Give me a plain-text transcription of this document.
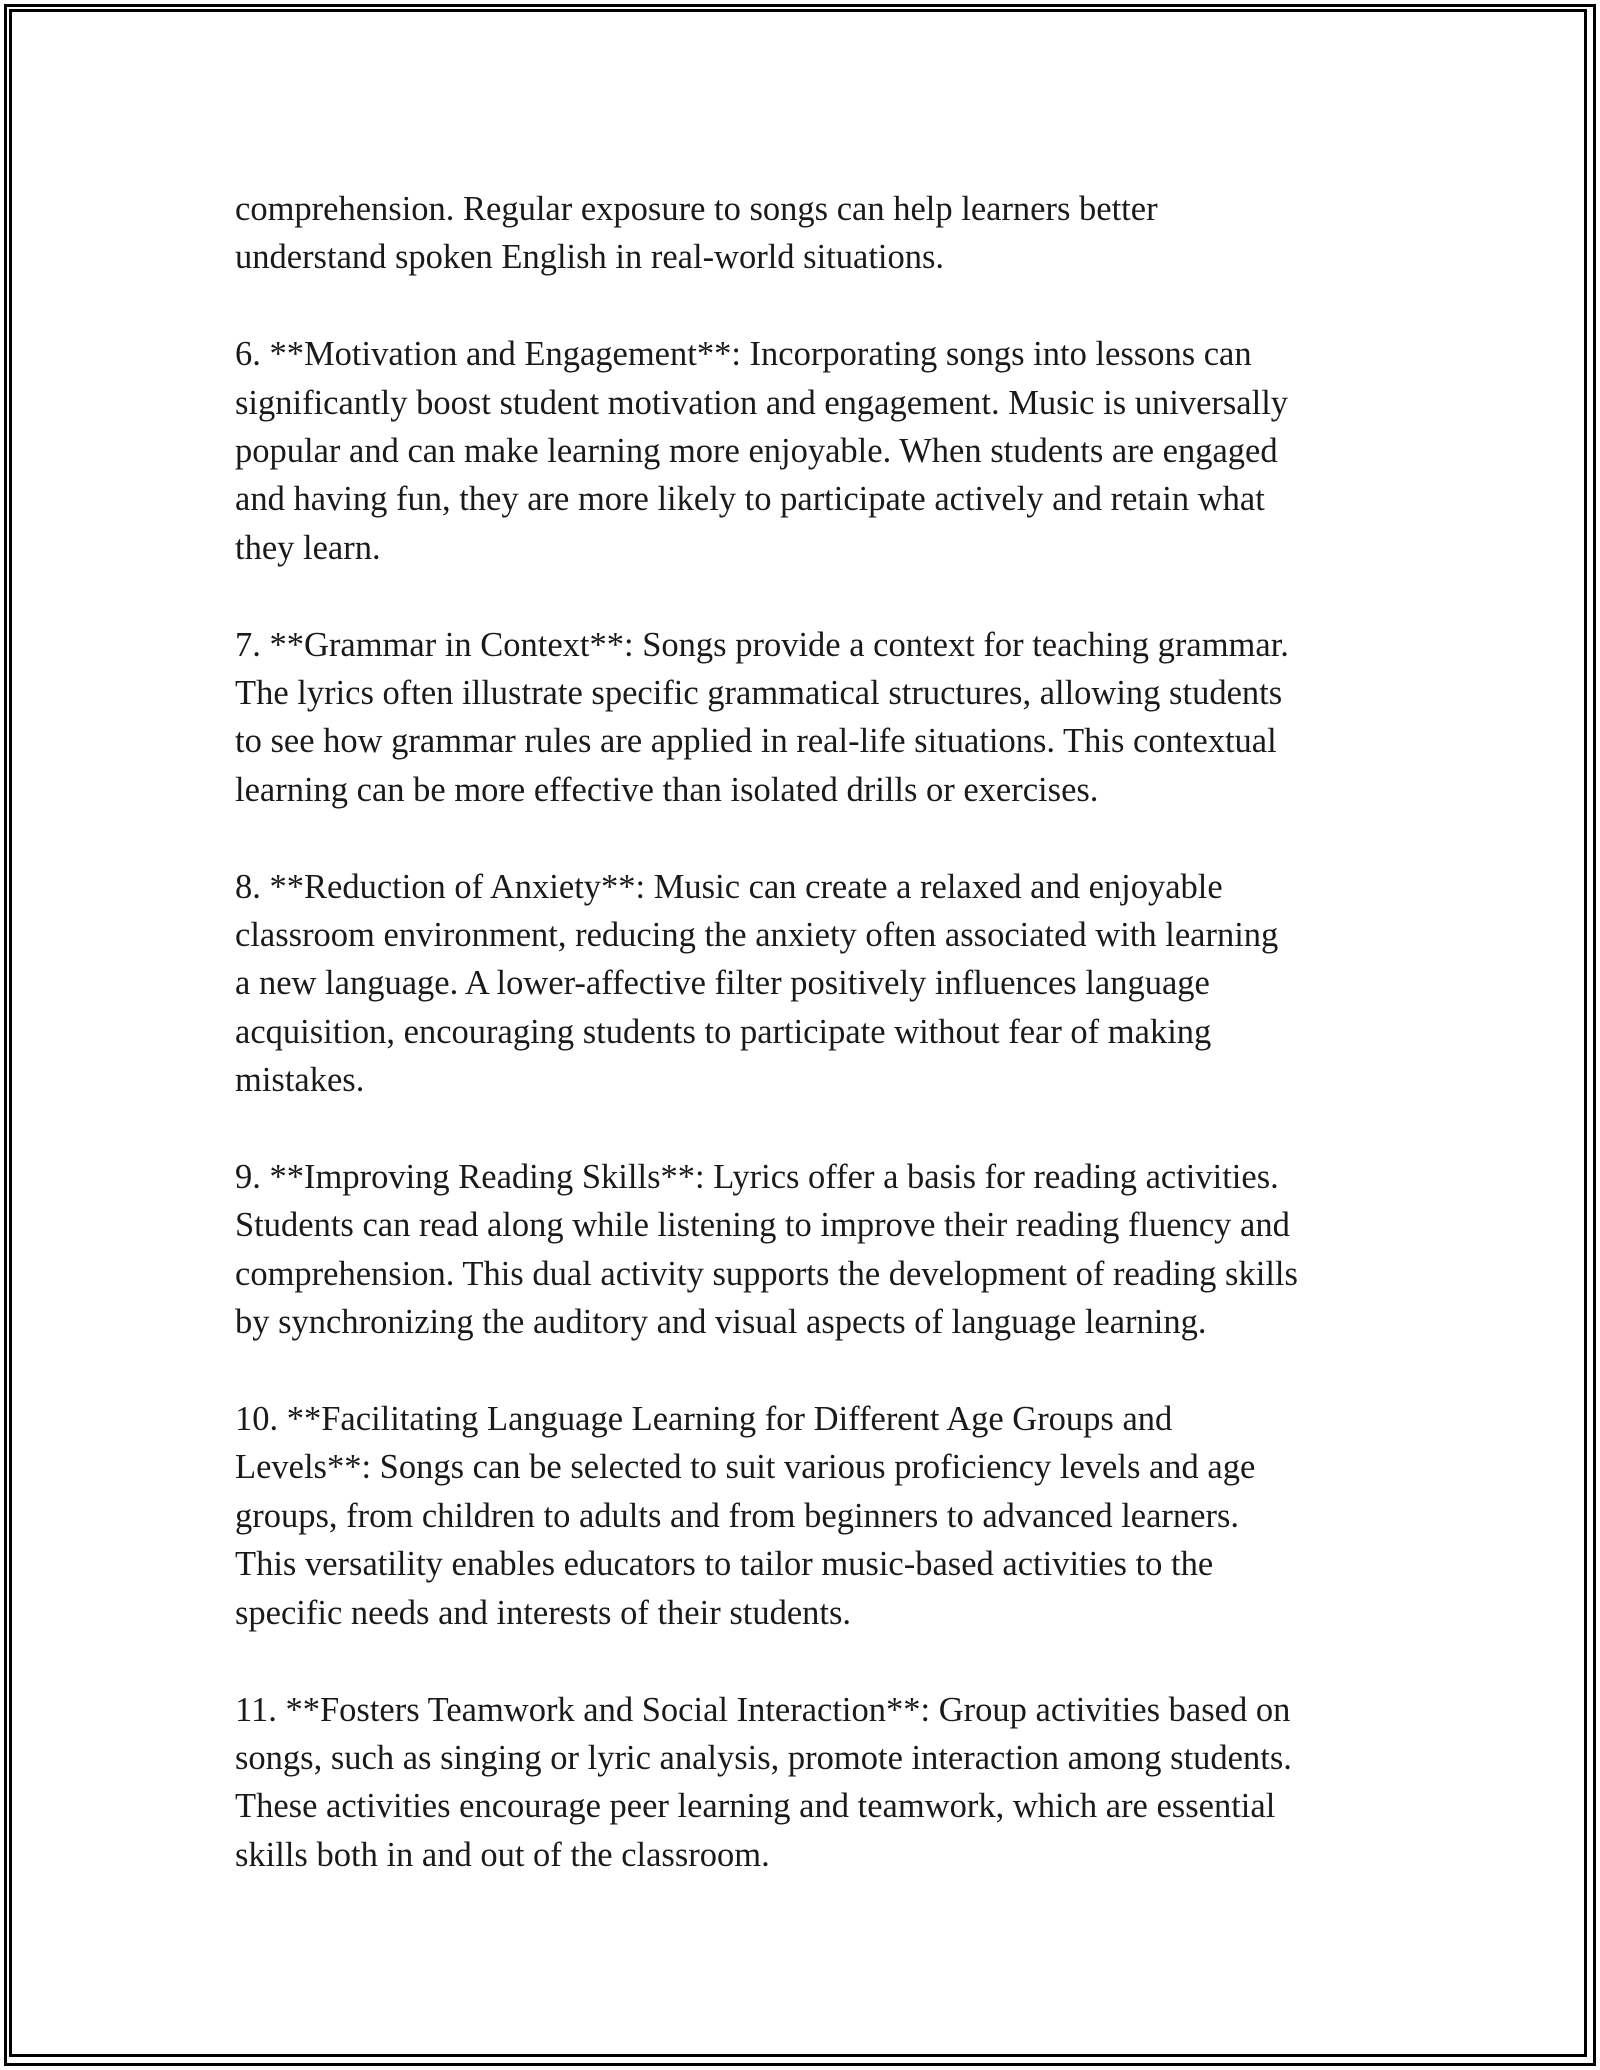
comprehension. Regular exposure to songs can help learners better
understand spoken English in real-world situations.

6. **Motivation and Engagement**: Incorporating songs into lessons can
significantly boost student motivation and engagement. Music is universally
popular and can make learning more enjoyable. When students are engaged
and having fun, they are more likely to participate actively and retain what
they learn.

7. **Grammar in Context**: Songs provide a context for teaching grammar.
The lyrics often illustrate specific grammatical structures, allowing students
to see how grammar rules are applied in real-life situations. This contextual
learning can be more effective than isolated drills or exercises.

8. **Reduction of Anxiety**: Music can create a relaxed and enjoyable
classroom environment, reducing the anxiety often associated with learning
a new language. A lower-affective filter positively influences language
acquisition, encouraging students to participate without fear of making
mistakes.

9. **Improving Reading Skills**: Lyrics offer a basis for reading activities.
Students can read along while listening to improve their reading fluency and
comprehension. This dual activity supports the development of reading skills
by synchronizing the auditory and visual aspects of language learning.

10. **Facilitating Language Learning for Different Age Groups and
Levels**: Songs can be selected to suit various proficiency levels and age
groups, from children to adults and from beginners to advanced learners.
This versatility enables educators to tailor music-based activities to the
specific needs and interests of their students.

11. **Fosters Teamwork and Social Interaction**: Group activities based on
songs, such as singing or lyric analysis, promote interaction among students.
These activities encourage peer learning and teamwork, which are essential
skills both in and out of the classroom.
